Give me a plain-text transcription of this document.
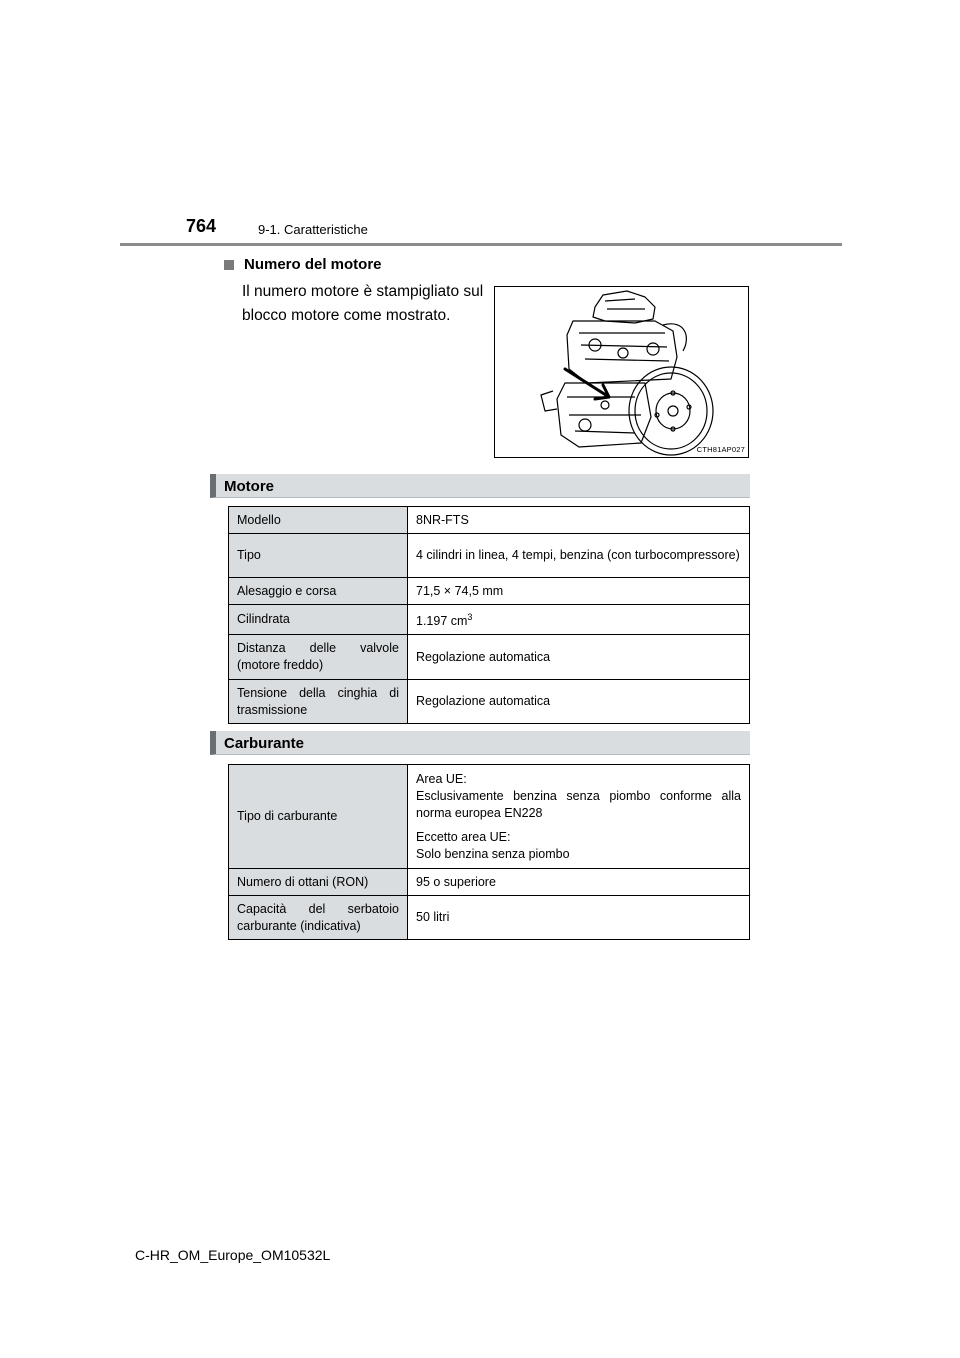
764	9-1. Caratteristiche
Numero del motore
Il numero motore è stampigliato sul blocco motore come mostrato.
CTH81AP027
Motore
Modello	8NR-FTS
Tipo	4 cilindri in linea, 4 tempi, benzina (con turbocompressore)
Alesaggio e corsa	71,5 × 74,5 mm
Cilindrata	1.197 $cm^3$
Distanza delle valvole (motore freddo)	Regolazione automatica
Tensione della cinghia di trasmissione	Regolazione automatica
Carburante
Tipo di carburante	Area UE:
Esclusivamente benzina senza piombo conforme alla norma europea EN228

Eccetto area UE:
Solo benzina senza piombo

Numero di ottani (RON)	95 o superiore
Capacità del serbatoio carburante (indicativa)	50 litri
C-HR_OM_Europe_OM10532L
